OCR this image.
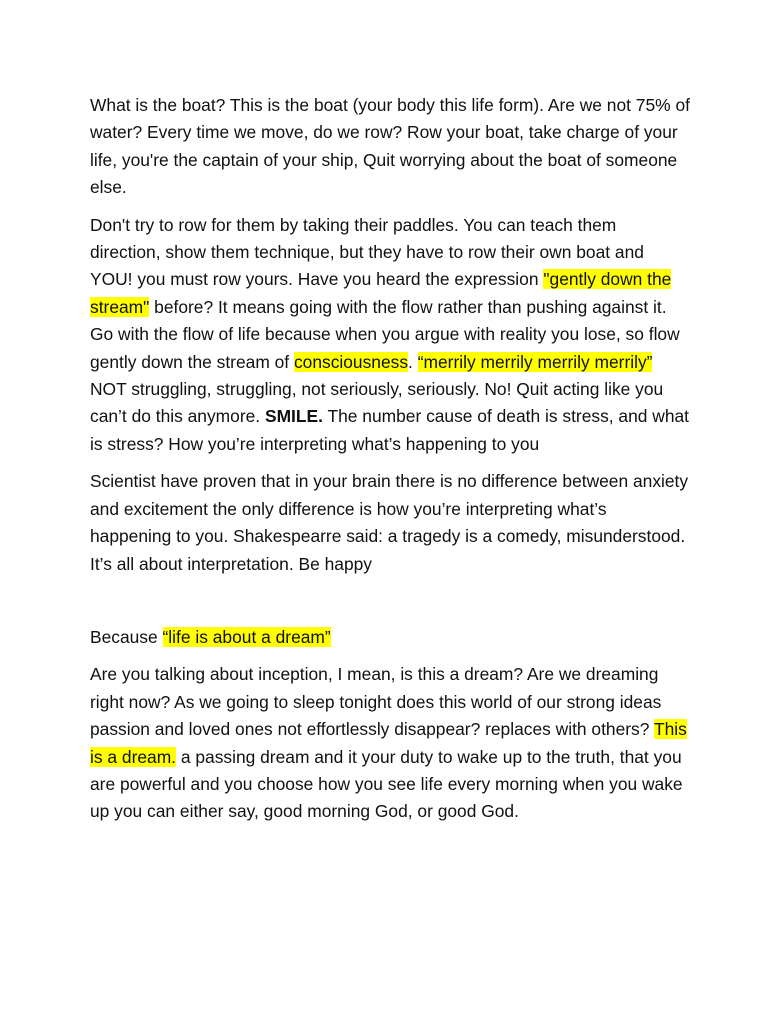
What is the boat? This is the boat (your body this life form). Are we not 75% of water? Every time we move, do we row? Row your boat, take charge of your life, you're the captain of your ship, Quit worrying about the boat of someone else.

Don't try to row for them by taking their paddles. You can teach them direction, show them technique, but they have to row their own boat and YOU! you must row yours. Have you heard the expression "gently down the stream" before? It means going with the flow rather than pushing against it. Go with the flow of life because when you argue with reality you lose, so flow gently down the stream of consciousness. “merrily merrily merrily merrily” NOT struggling, struggling, not seriously, seriously. No! Quit acting like you can’t do this anymore. SMILE. The number cause of death is stress, and what is stress? How you’re interpreting what’s happening to you

Scientist have proven that in your brain there is no difference between anxiety and excitement the only difference is how you’re interpreting what’s happening to you. Shakespearre said: a tragedy is a comedy, misunderstood. It’s all about interpretation. Be happy

Because “life is about a dream”

Are you talking about inception, I mean, is this a dream? Are we dreaming right now? As we going to sleep tonight does this world of our strong ideas passion and loved ones not effortlessly disappear? replaces with others? This is a dream. a passing dream and it your duty to wake up to the truth, that you are powerful and you choose how you see life every morning when you wake up you can either say, good morning God, or good God.
